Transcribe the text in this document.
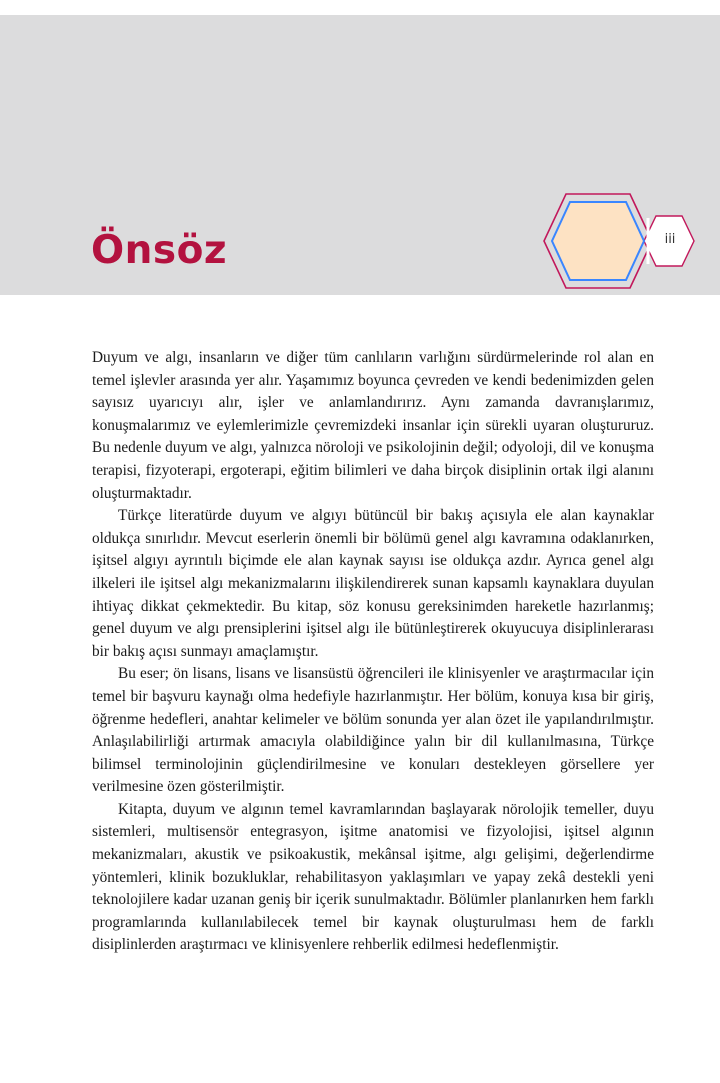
Önsöz	iii

Duyum ve algı, insanların ve diğer tüm canlıların varlığını sürdürmelerinde rol alan en temel işlevler arasında yer alır. Yaşamımız boyunca çevreden ve kendi bedenimizden gelen sayısız uyarıcıyı alır, işler ve anlamlandırırız. Aynı zamanda davranışlarımız, konuşmalarımız ve eylemlerimizle çevremizdeki insanlar için sürekli uyaran oluştururuz. Bu nedenle duyum ve algı, yalnızca nöroloji ve psikolojinin değil; odyoloji, dil ve konuşma terapisi, fizyoterapi, ergoterapi, eğitim bilimleri ve daha birçok disiplinin ortak ilgi alanını oluşturmaktadır.

Türkçe literatürde duyum ve algıyı bütüncül bir bakış açısıyla ele alan kaynaklar oldukça sınırlıdır. Mevcut eserlerin önemli bir bölümü genel algı kavramına odaklanırken, işitsel algıyı ayrıntılı biçimde ele alan kaynak sayısı ise oldukça azdır. Ayrıca genel algı ilkeleri ile işitsel algı mekanizmalarını ilişkilendirerek sunan kapsamlı kaynaklara duyulan ihtiyaç dikkat çekmektedir. Bu kitap, söz konusu gereksinimden hareketle hazırlanmış; genel duyum ve algı prensiplerini işitsel algı ile bütünleştirerek okuyucuya disiplinlerarası bir bakış açısı sunmayı amaçlamıştır.

Bu eser; ön lisans, lisans ve lisansüstü öğrencileri ile klinisyenler ve araştırmacılar için temel bir başvuru kaynağı olma hedefiyle hazırlanmıştır. Her bölüm, konuya kısa bir giriş, öğrenme hedefleri, anahtar kelimeler ve bölüm sonunda yer alan özet ile yapılandırılmıştır. Anlaşılabilirliği artırmak amacıyla olabildiğince yalın bir dil kullanılmasına, Türkçe bilimsel terminolojinin güçlendirilmesine ve konuları destekleyen görsellere yer verilmesine özen gösterilmiştir.

Kitapta, duyum ve algının temel kavramlarından başlayarak nörolojik temeller, duyu sistemleri, multisensör entegrasyon, işitme anatomisi ve fizyolojisi, işitsel algının mekanizmaları, akustik ve psikoakustik, mekânsal işitme, algı gelişimi, değerlendirme yöntemleri, klinik bozukluklar, rehabilitasyon yaklaşımları ve yapay zekâ destekli yeni teknolojilere kadar uzanan geniş bir içerik sunulmaktadır. Bölümler planlanırken hem farklı programlarında kullanılabilecek temel bir kaynak oluşturulması hem de farklı disiplinlerden araştırmacı ve klinisyenlere rehberlik edilmesi hedeflenmiştir.
